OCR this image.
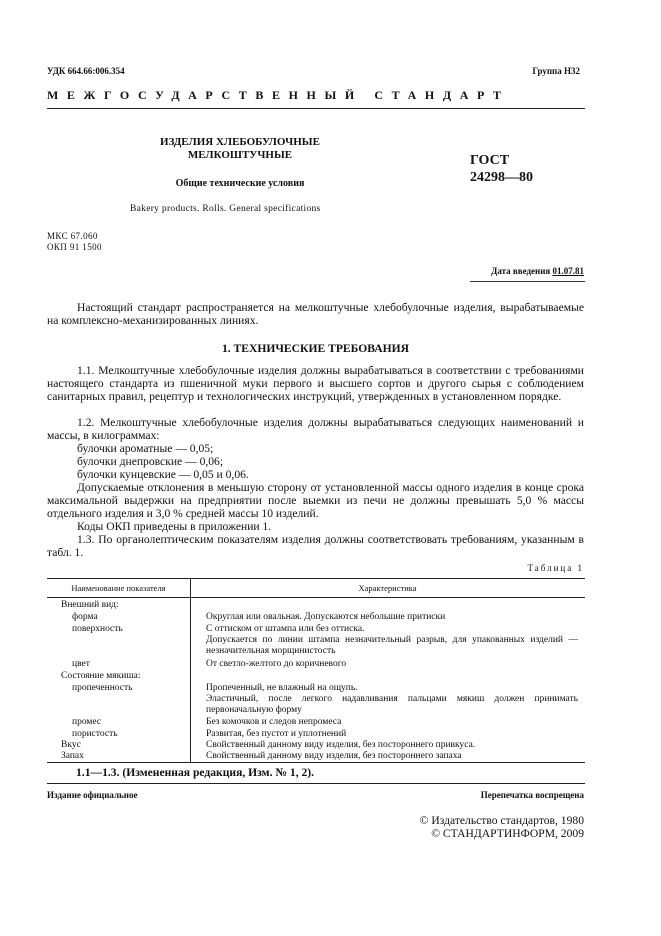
УДК 664.66:006.354	Группа Н32
МЕЖГОСУДАРСТВЕННЫЙ СТАНДАРТ
ИЗДЕЛИЯ ХЛЕБОБУЛОЧНЫЕ
МЕЛКОШТУЧНЫЕ
Общие технические условия
ГОСТ
24298—80
Bakery products. Rolls. General specifications
МКС 67.060
ОКП 91 1500
Дата введения 01.07.81
Настоящий стандарт распространяется на мелкоштучные хлебобулочные изделия, вырабатываемые на комплексно-механизированных линиях.
1. ТЕХНИЧЕСКИЕ ТРЕБОВАНИЯ
1.1. Мелкоштучные хлебобулочные изделия должны вырабатываться в соответствии с требованиями настоящего стандарта из пшеничной муки первого и высшего сортов и другого сырья с соблюдением санитарных правил, рецептур и технологических инструкций, утвержденных в установленном порядке.
1.2. Мелкоштучные хлебобулочные изделия должны вырабатываться следующих наименований и массы, в килограммах:
булочки ароматные — 0,05;
булочки днепровские — 0,06;
булочки кунцевские — 0,05 и 0,06.
Допускаемые отклонения в меньшую сторону от установленной массы одного изделия в конце срока максимальной выдержки на предприятии после выемки из печи не должны превышать 5,0 % массы отдельного изделия и 3,0 % средней массы 10 изделий.
Коды ОКП приведены в приложении 1.
1.3. По органолептическим показателям изделия должны соответствовать требованиям, указанным в табл. 1.
Таблица 1
Наименование показателя	Характеристика
Внешний вид:
форма	Округлая или овальная. Допускаются небольшие притиски
поверхность	С оттиском от штампа или без оттиска.
Допускается по линии штампа незначительный разрыв, для упакованных изделий — незначительная морщинистость
цвет	От светло-желтого до коричневого
Состояние мякиша:
пропеченность	Пропеченный, не влажный на ощупь.
Эластичный, после легкого надавливания пальцами мякиш должен принимать первоначальную форму
промес	Без комочков и следов непромеса
пористость	Развитая, без пустот и уплотнений
Вкус	Свойственный данному виду изделия, без постороннего привкуса.
Запах	Свойственный данному виду изделия, без постороннего запаха
1.1—1.3. (Измененная редакция, Изм. № 1, 2).
Издание официальное	Перепечатка воспрещена
© Издательство стандартов, 1980
© СТАНДАРТИНФОРМ, 2009
